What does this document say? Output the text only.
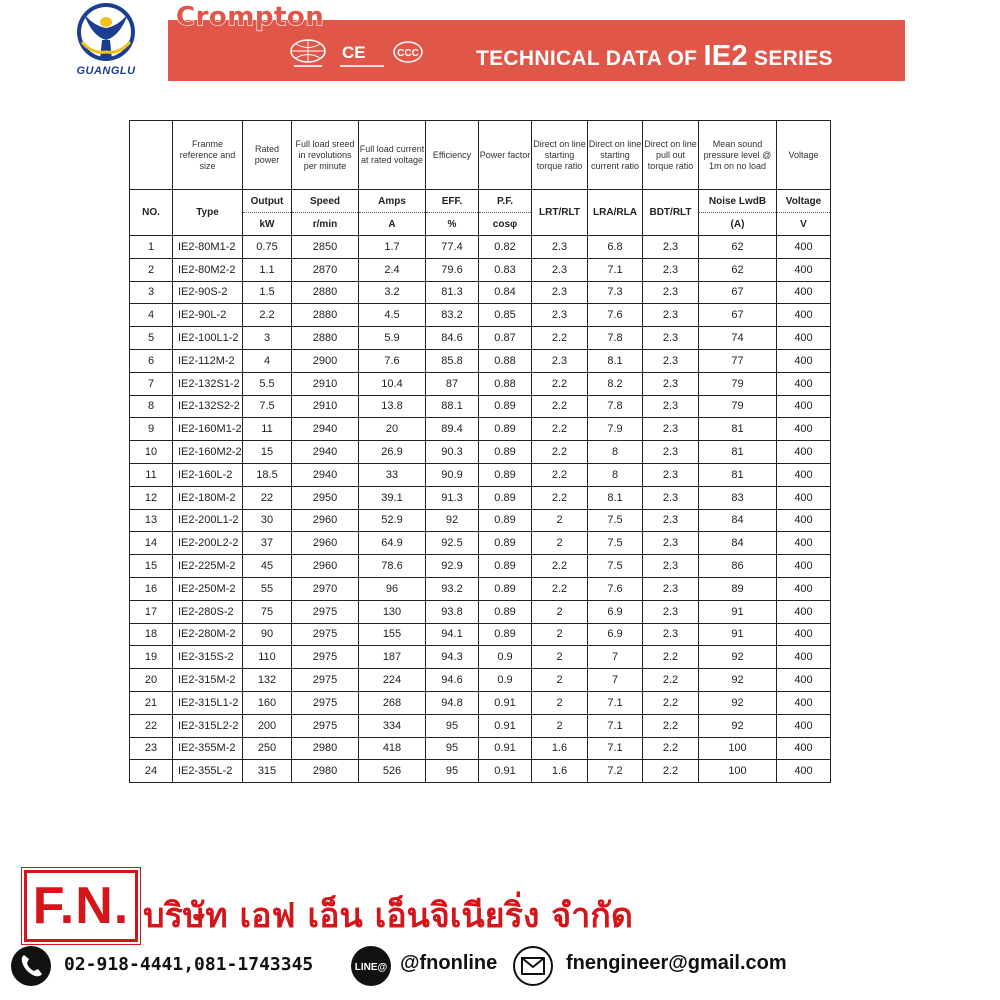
GUANGLU
Crompton
CE	CCC	TECHNICAL DATA OF IE2 SERIES
	Franme reference and size	Rated power	Full load sreed in revolutions per minute	Full load current at rated voltage	Efficiency	Power factor	Direct on line starting torque ratio	Direct on line starting current ratio	Direct on line pull out torque ratio	Mean sound pressure level @ 1m on no load	Voltage
NO.	Type	Output	Speed	Amps	EFF.	P.F.	LRT/RLT	LRA/RLA	BDT/RLT	Noise LwdB	Voltage
		kW	r/min	A	%	cosφ				(A)	V
1	IE2-80M1-2	0.75	2850	1.7	77.4	0.82	2.3	6.8	2.3	62	400
2	IE2-80M2-2	1.1	2870	2.4	79.6	0.83	2.3	7.1	2.3	62	400
3	IE2-90S-2	1.5	2880	3.2	81.3	0.84	2.3	7.3	2.3	67	400
4	IE2-90L-2	2.2	2880	4.5	83.2	0.85	2.3	7.6	2.3	67	400
5	IE2-100L1-2	3	2880	5.9	84.6	0.87	2.2	7.8	2.3	74	400
6	IE2-112M-2	4	2900	7.6	85.8	0.88	2.3	8.1	2.3	77	400
7	IE2-132S1-2	5.5	2910	10.4	87	0.88	2.2	8.2	2.3	79	400
8	IE2-132S2-2	7.5	2910	13.8	88.1	0.89	2.2	7.8	2.3	79	400
9	IE2-160M1-2	11	2940	20	89.4	0.89	2.2	7.9	2.3	81	400
10	IE2-160M2-2	15	2940	26.9	90.3	0.89	2.2	8	2.3	81	400
11	IE2-160L-2	18.5	2940	33	90.9	0.89	2.2	8	2.3	81	400
12	IE2-180M-2	22	2950	39.1	91.3	0.89	2.2	8.1	2.3	83	400
13	IE2-200L1-2	30	2960	52.9	92	0.89	2	7.5	2.3	84	400
14	IE2-200L2-2	37	2960	64.9	92.5	0.89	2	7.5	2.3	84	400
15	IE2-225M-2	45	2960	78.6	92.9	0.89	2.2	7.5	2.3	86	400
16	IE2-250M-2	55	2970	96	93.2	0.89	2.2	7.6	2.3	89	400
17	IE2-280S-2	75	2975	130	93.8	0.89	2	6.9	2.3	91	400
18	IE2-280M-2	90	2975	155	94.1	0.89	2	6.9	2.3	91	400
19	IE2-315S-2	110	2975	187	94.3	0.9	2	7	2.2	92	400
20	IE2-315M-2	132	2975	224	94.6	0.9	2	7	2.2	92	400
21	IE2-315L1-2	160	2975	268	94.8	0.91	2	7.1	2.2	92	400
22	IE2-315L2-2	200	2975	334	95	0.91	2	7.1	2.2	92	400
23	IE2-355M-2	250	2980	418	95	0.91	1.6	7.1	2.2	100	400
24	IE2-355L-2	315	2980	526	95	0.91	1.6	7.2	2.2	100	400
F.N. บริษัท เอฟ เอ็น เอ็นจิเนียริ่ง จำกัด
02-918-4441,081-1743345	LINE@ @fnonline	fnengineer@gmail.com
